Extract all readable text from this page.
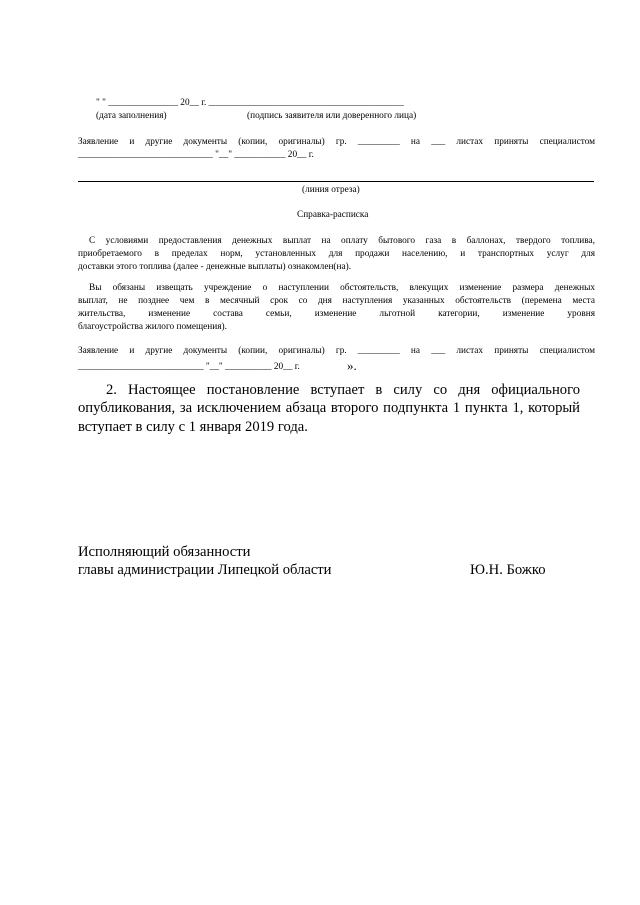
" " _______________ 20__ г. __________________________________________
(дата заполнения)	(подпись заявителя или доверенного лица)
Заявление и другие документы (копии, оригиналы) гр. _________ на ___ листах приняты специалистом
_____________________________ "__" ___________ 20__ г.
(линия отреза)
Справка-расписка
С условиями предоставления денежных выплат на оплату бытового газа в баллонах, твердого топлива,
приобретаемого в пределах норм, установленных для продажи населению, и транспортных услуг для
доставки этого топлива (далее - денежные выплаты) ознакомлен(на).
Вы обязаны извещать учреждение о наступлении обстоятельств, влекущих изменение размера денежных
выплат, не позднее чем в месячный срок со дня наступления указанных обстоятельств (перемена места
жительства, изменение состава семьи, изменение льготной категории, изменение уровня
благоустройства жилого помещения).
Заявление и другие документы (копии, оригиналы) гр. _________ на ___ листах приняты специалистом
___________________________ "__" __________ 20__ г.	».
2. Настоящее постановление вступает в силу со дня официального
опубликования, за исключением абзаца второго подпункта 1 пункта 1, который
вступает в силу с 1 января 2019 года.
Исполняющий обязанности
главы администрации Липецкой области	Ю.Н. Божко
